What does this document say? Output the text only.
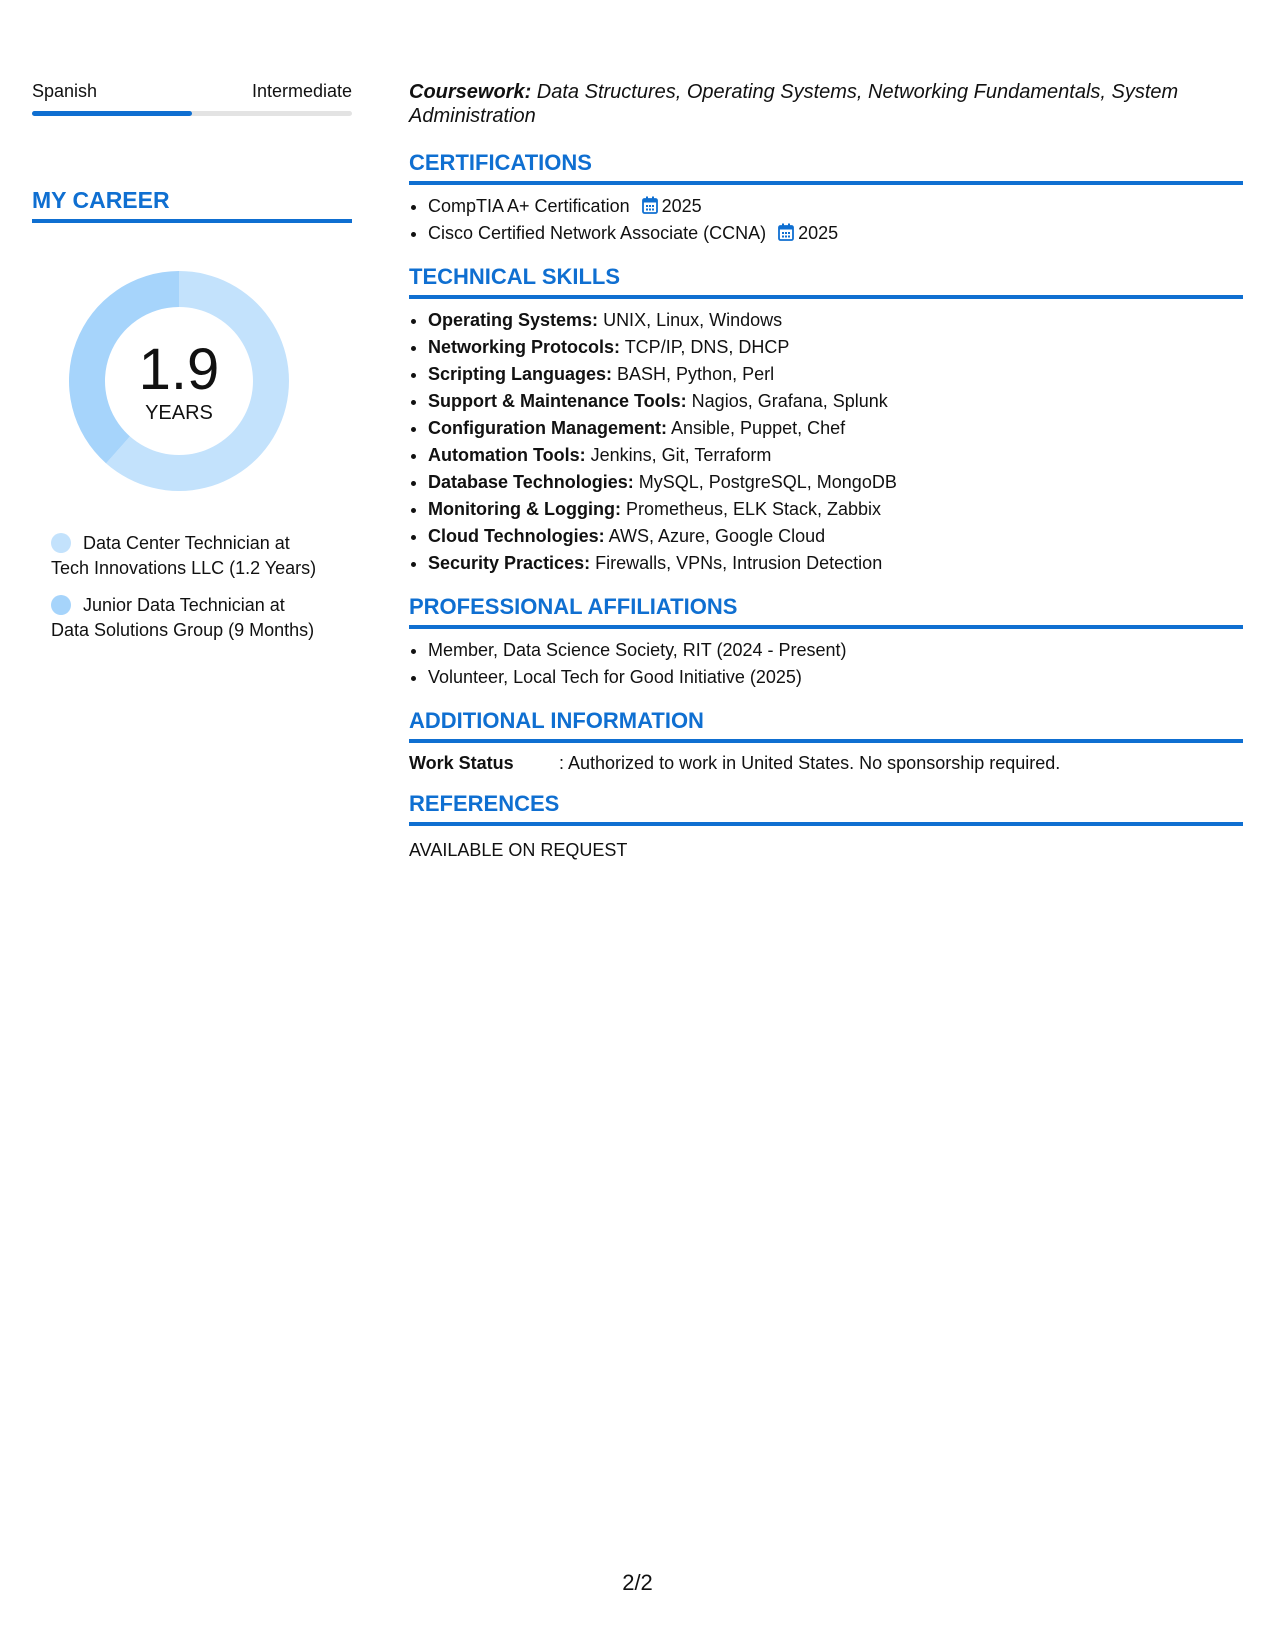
Spanish	Intermediate
MY CAREER
1.9
YEARS
Data Center Technician at
Tech Innovations LLC (1.2 Years)
Junior Data Technician at
Data Solutions Group (9 Months)
Coursework: Data Structures, Operating Systems, Networking Fundamentals, System Administration
CERTIFICATIONS
• CompTIA A+ Certification 2025
• Cisco Certified Network Associate (CCNA) 2025
TECHNICAL SKILLS
• Operating Systems: UNIX, Linux, Windows
• Networking Protocols: TCP/IP, DNS, DHCP
• Scripting Languages: BASH, Python, Perl
• Support & Maintenance Tools: Nagios, Grafana, Splunk
• Configuration Management: Ansible, Puppet, Chef
• Automation Tools: Jenkins, Git, Terraform
• Database Technologies: MySQL, PostgreSQL, MongoDB
• Monitoring & Logging: Prometheus, ELK Stack, Zabbix
• Cloud Technologies: AWS, Azure, Google Cloud
• Security Practices: Firewalls, VPNs, Intrusion Detection
PROFESSIONAL AFFILIATIONS
• Member, Data Science Society, RIT (2024 - Present)
• Volunteer, Local Tech for Good Initiative (2025)
ADDITIONAL INFORMATION
Work Status	: Authorized to work in United States. No sponsorship required.
REFERENCES
AVAILABLE ON REQUEST
2/2
